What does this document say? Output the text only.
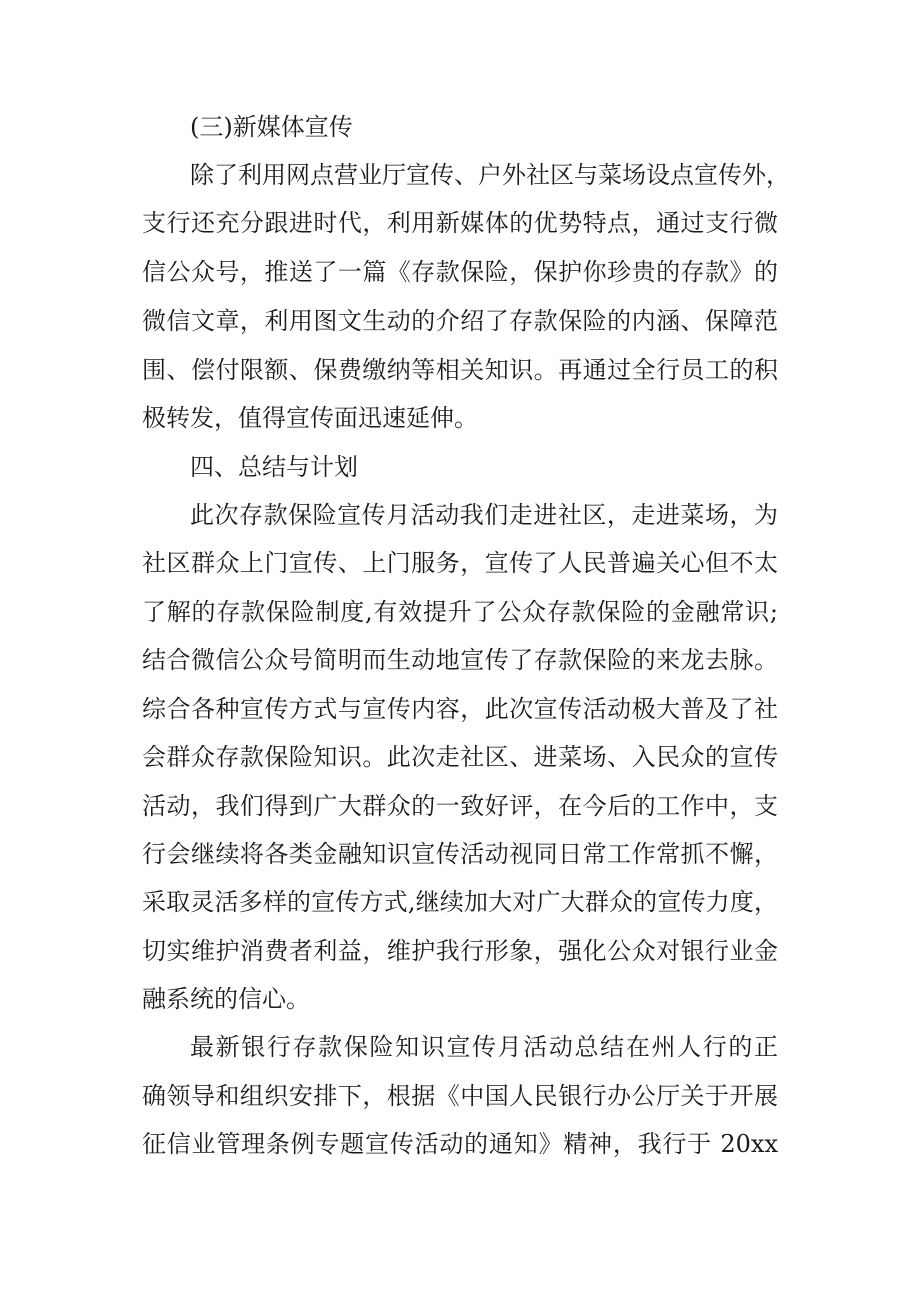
(三)新媒体宣传
除了利用网点营业厅宣传、户外社区与菜场设点宣传外，
支行还充分跟进时代，利用新媒体的优势特点，通过支行微
信公众号，推送了一篇《存款保险，保护你珍贵的存款》的
微信文章，利用图文生动的介绍了存款保险的内涵、保障范
围、偿付限额、保费缴纳等相关知识。再通过全行员工的积
极转发，值得宣传面迅速延伸。
四、总结与计划
此次存款保险宣传月活动我们走进社区，走进菜场，为
社区群众上门宣传、上门服务，宣传了人民普遍关心但不太
了解的存款保险制度,有效提升了公众存款保险的金融常识;
结合微信公众号简明而生动地宣传了存款保险的来龙去脉。
综合各种宣传方式与宣传内容，此次宣传活动极大普及了社
会群众存款保险知识。此次走社区、进菜场、入民众的宣传
活动，我们得到广大群众的一致好评，在今后的工作中，支
行会继续将各类金融知识宣传活动视同日常工作常抓不懈，
采取灵活多样的宣传方式,继续加大对广大群众的宣传力度，
切实维护消费者利益，维护我行形象，强化公众对银行业金
融系统的信心。
最新银行存款保险知识宣传月活动总结在州人行的正
确领导和组织安排下，根据《中国人民银行办公厅关于开展
征信业管理条例专题宣传活动的通知》精神，我行于 20xx
